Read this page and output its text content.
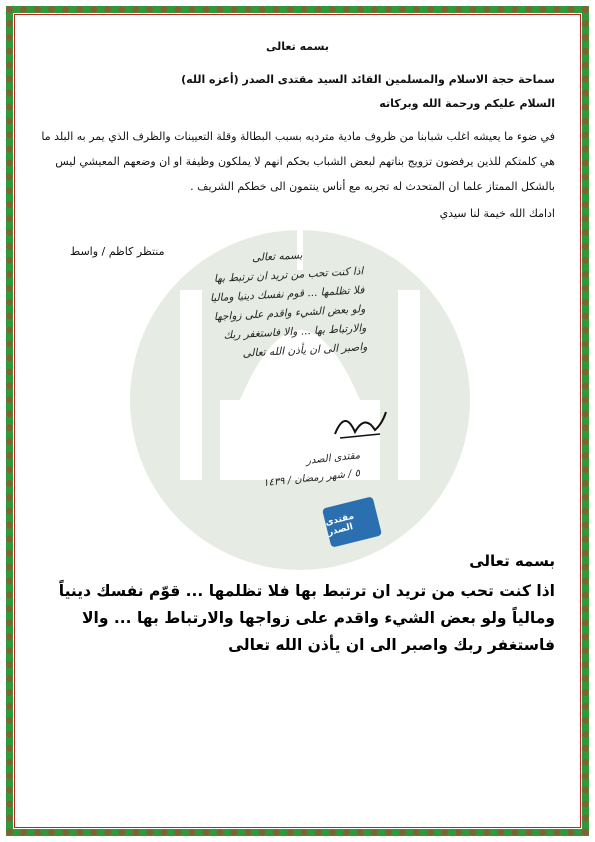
بسمه تعالى
سماحة حجة الاسلام والمسلمين القائد السيد مقتدى الصدر (أعزه الله)
السلام عليكم ورحمة الله وبركاته
في ضوء ما يعيشه اغلب شبابنا من ظروف مادية مترديه بسبب البطالة وقلة التعيينات والظرف الذي يمر به البلد ما هي كلمتكم للذين يرفضون تزويج بناتهم لبعض الشباب بحكم انهم لا يملكون وظيفة او ان وضعهم المعيشي ليس بالشكل الممتاز علما ان المتحدث له تجربه مع أناس ينتمون الى خطكم الشريف .
ادامك الله خيمة لنا سيدي
منتظر كاظم / واسط	بسمه تعالى
اذا كنت تحب من تريد ان ترتبط بها
فلا تظلمها ... قوم نفسك دينيا وماليا
ولو بعض الشيء واقدم على زواجها
والارتباط بها ... والا فاستغفر ربك
واصبر الى ان يأذن الله تعالى
مقتدى الصدر
٥ / شهر رمضان / ١٤٣٩
مقتدى الصدر
بسمه تعالى
اذا كنت تحب من تريد ان ترتبط بها فلا تظلمها ... قوّم نفسك دينياً ومالياً ولو بعض الشيء واقدم على زواجها والارتباط بها ... والا فاستغفر ربك واصبر الى ان يأذن الله تعالى
